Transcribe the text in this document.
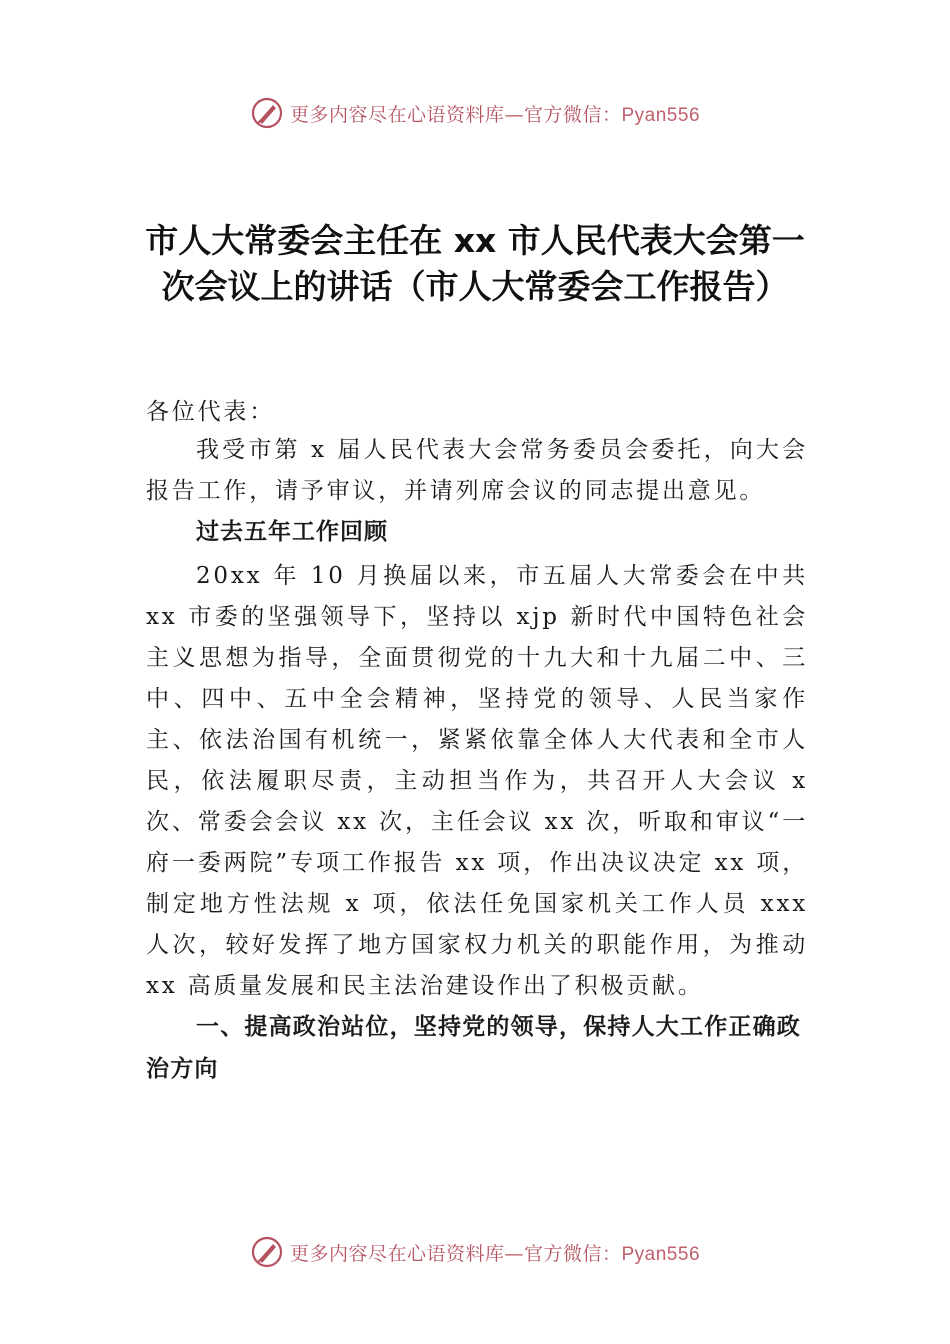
更多内容尽在心语资料库—官方微信：Pyan556
市人大常委会主任在 xx 市人民代表大会第一次会议上的讲话（市人大常委会工作报告）

各位代表：

我受市第 x 届人民代表大会常务委员会委托，向大会报告工作，请予审议，并请列席会议的同志提出意见。

过去五年工作回顾

20xx 年 10 月换届以来，市五届人大常委会在中共 xx 市委的坚强领导下，坚持以 xjp 新时代中国特色社会主义思想为指导，全面贯彻党的十九大和十九届二中、三中、四中、五中全会精神，坚持党的领导、人民当家作主、依法治国有机统一，紧紧依靠全体人大代表和全市人民，依法履职尽责，主动担当作为，共召开人大会议 x 次、常委会会议 xx 次，主任会议 xx 次，听取和审议“一府一委两院”专项工作报告 xx 项，作出决议决定 xx 项，制定地方性法规 x 项，依法任免国家机关工作人员 xxx 人次，较好发挥了地方国家权力机关的职能作用，为推动 xx 高质量发展和民主法治建设作出了积极贡献。

一、提高政治站位，坚持党的领导，保持人大工作正确政治方向

更多内容尽在心语资料库—官方微信：Pyan556
